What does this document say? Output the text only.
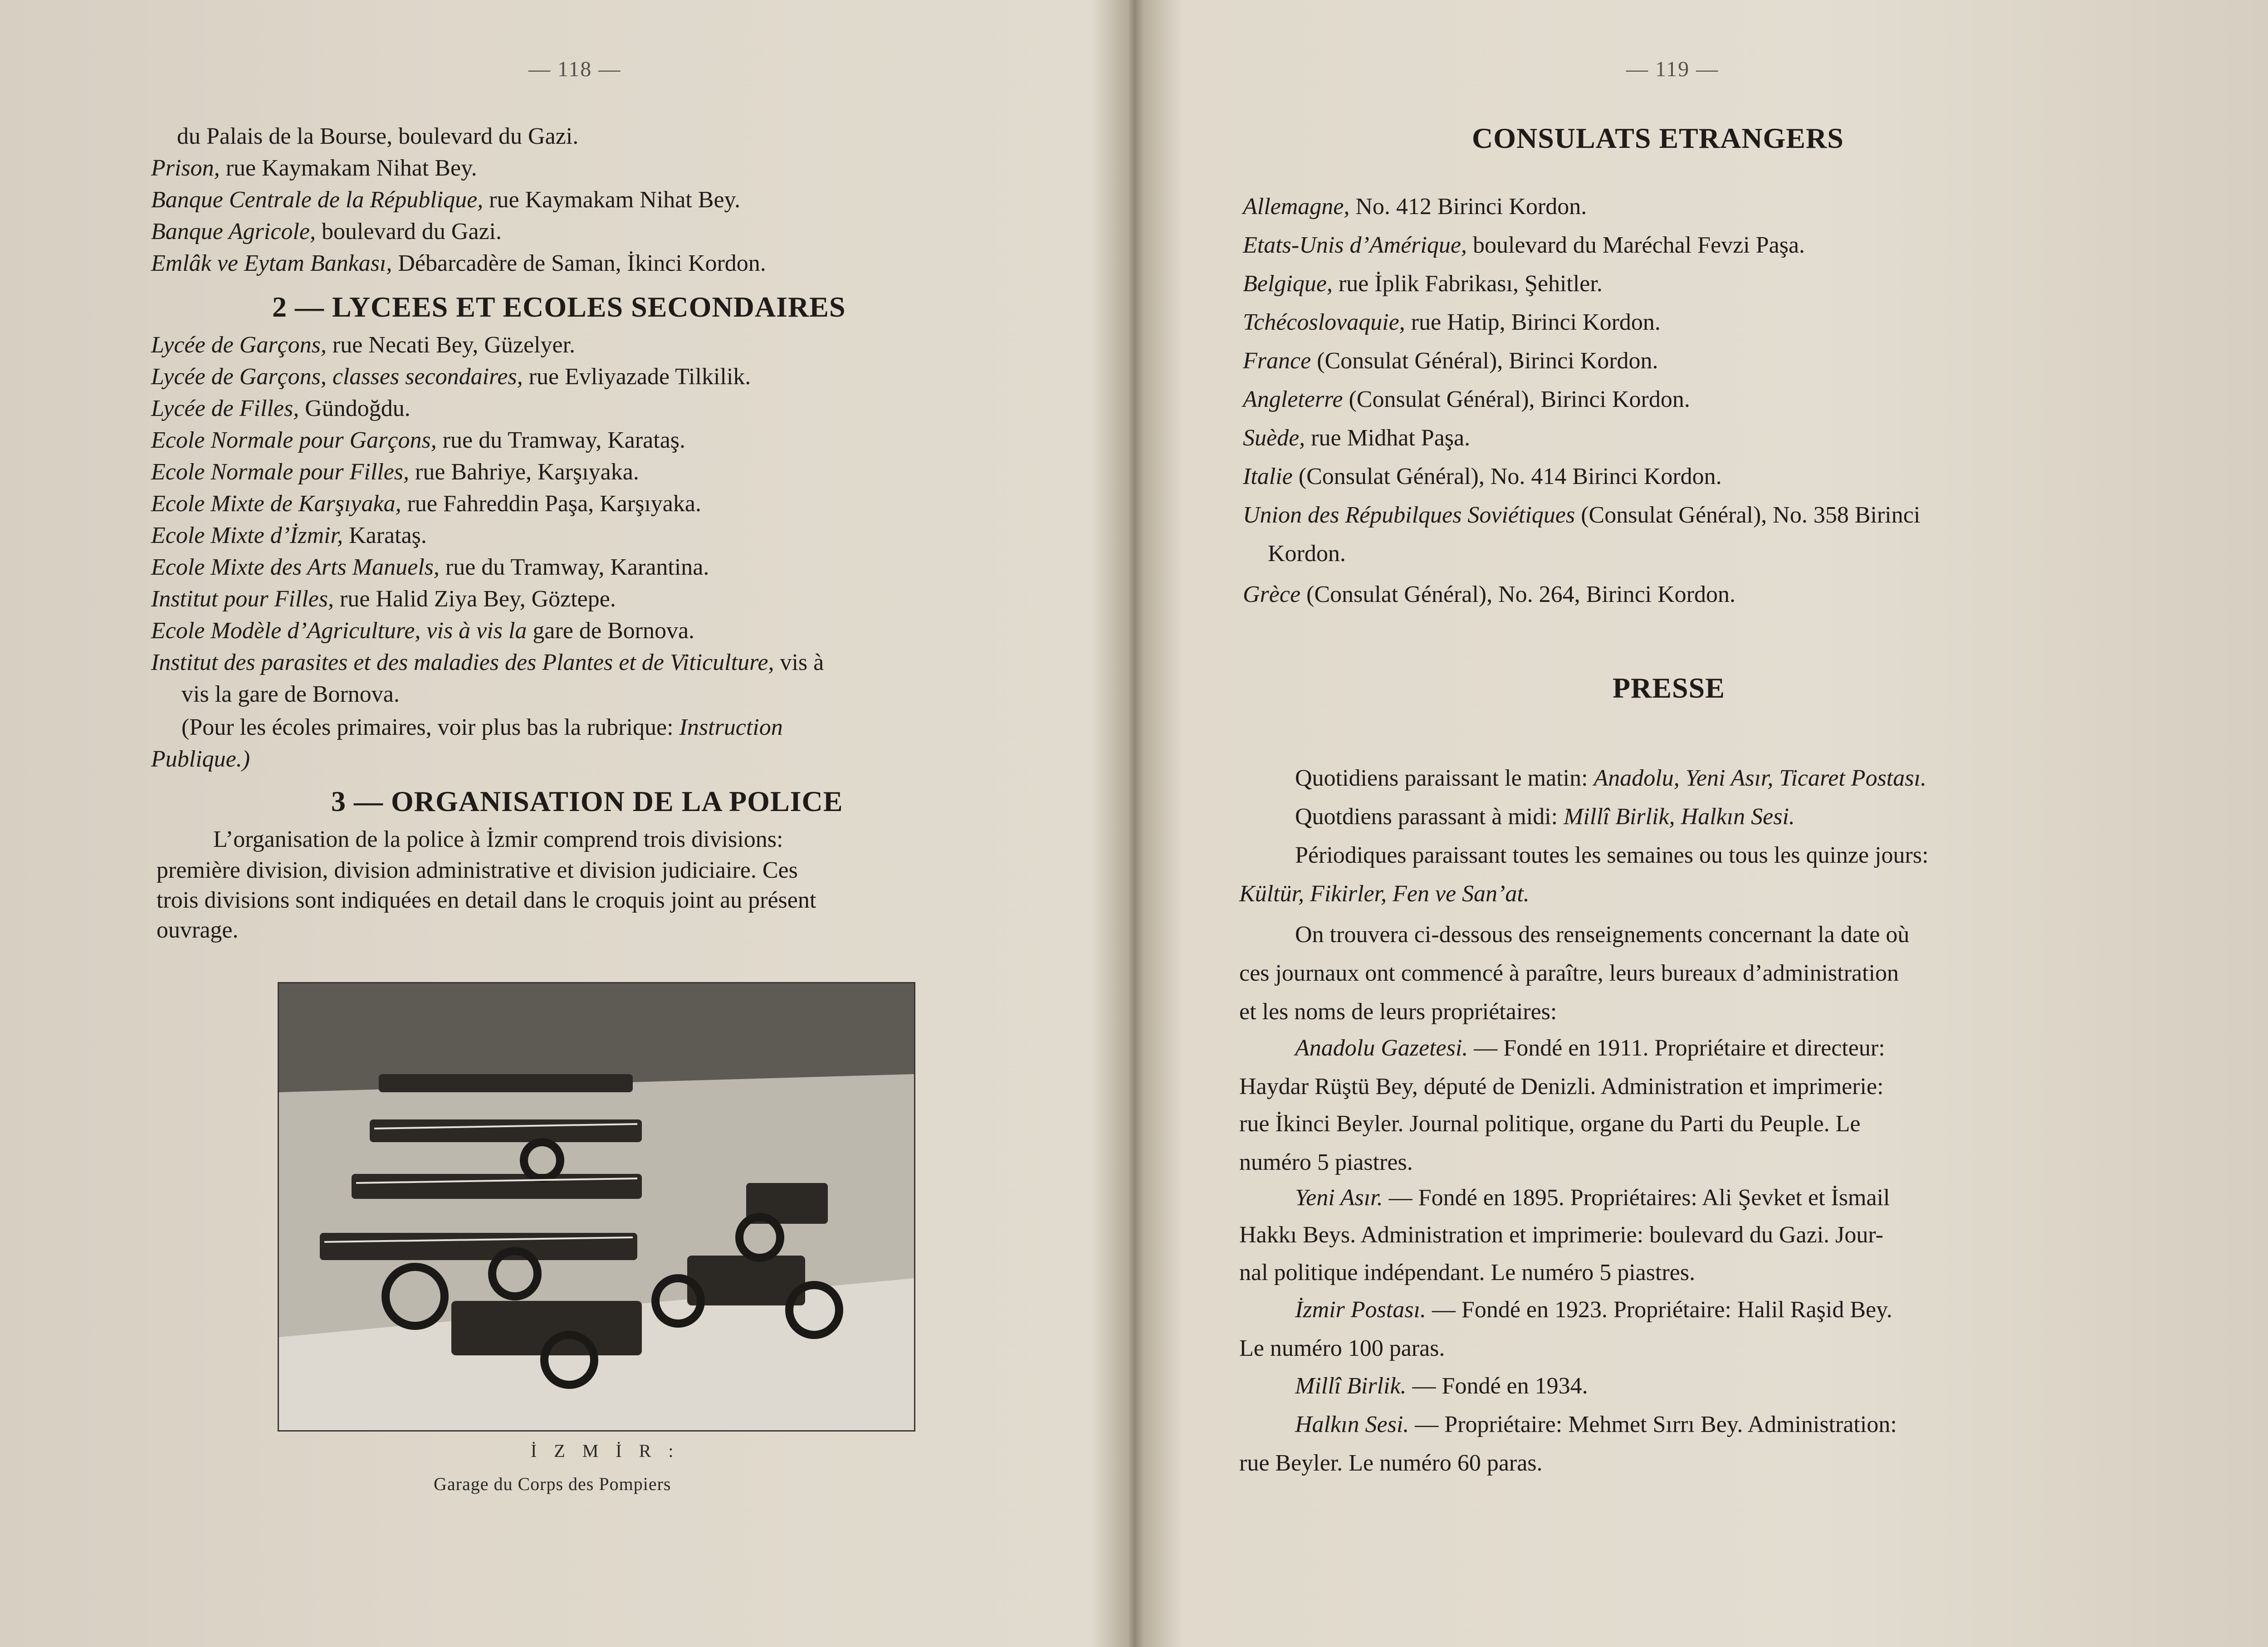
— 118 —
du Palais de la Bourse, boulevard du Gazi.
Prison, rue Kaymakam Nihat Bey.
Banque Centrale de la République, rue Kaymakam Nihat Bey.
Banque Agricole, boulevard du Gazi.
Emlâk ve Eytam Bankası, Débarcadère de Saman, İkinci Kordon.
2 — LYCEES ET ECOLES SECONDAIRES
Lycée de Garçons, rue Necati Bey, Güzelyer.
Lycée de Garçons, classes secondaires, rue Evliyazade Tilkilik.
Lycée de Filles, Gündoğdu.
Ecole Normale pour Garçons, rue du Tramway, Karataş.
Ecole Normale pour Filles, rue Bahriye, Karşıyaka.
Ecole Mixte de Karşıyaka, rue Fahreddin Paşa, Karşıyaka.
Ecole Mixte d’İzmir, Karataş.
Ecole Mixte des Arts Manuels, rue du Tramway, Karantina.
Institut pour Filles, rue Halid Ziya Bey, Göztepe.
Ecole Modèle d’Agriculture, vis à vis la gare de Bornova.
Institut des parasites et des maladies des Plantes et de Viticulture, vis à
vis la gare de Bornova.
(Pour les écoles primaires, voir plus bas la rubrique: Instruction
Publique.)
3 — ORGANISATION DE LA POLICE
L’organisation de la police à İzmir comprend trois divisions:
première division, division administrative et division judiciaire. Ces
trois divisions sont indiquées en detail dans le croquis joint au présent
ouvrage.
İ Z M İ R :
Garage du Corps des Pompiers
— 119 —
CONSULATS ETRANGERS
Allemagne, No. 412 Birinci Kordon.
Etats-Unis d’Amérique, boulevard du Maréchal Fevzi Paşa.
Belgique, rue İplik Fabrikası, Şehitler.
Tchécoslovaquie, rue Hatip, Birinci Kordon.
France (Consulat Général), Birinci Kordon.
Angleterre (Consulat Général), Birinci Kordon.
Suède, rue Midhat Paşa.
Italie (Consulat Général), No. 414 Birinci Kordon.
Union des Répubilques Soviétiques (Consulat Général), No. 358 Birinci
Kordon.
Grèce (Consulat Général), No. 264, Birinci Kordon.
PRESSE
Quotidiens paraissant le matin: Anadolu, Yeni Asır, Ticaret Postası.
Quotdiens parassant à midi: Millî Birlik, Halkın Sesi.
Périodiques paraissant toutes les semaines ou tous les quinze jours:
Kültür, Fikirler, Fen ve San’at.
On trouvera ci-dessous des renseignements concernant la date où
ces journaux ont commencé à paraître, leurs bureaux d’administration
et les noms de leurs propriétaires:
Anadolu Gazetesi. — Fondé en 1911. Propriétaire et directeur:
Haydar Rüştü Bey, député de Denizli. Administration et imprimerie:
rue İkinci Beyler. Journal politique, organe du Parti du Peuple. Le
numéro 5 piastres.
Yeni Asır. — Fondé en 1895. Propriétaires: Ali Şevket et İsmail
Hakkı Beys. Administration et imprimerie: boulevard du Gazi. Jour-
nal politique indépendant. Le numéro 5 piastres.
İzmir Postası. — Fondé en 1923. Propriétaire: Halil Raşid Bey.
Le numéro 100 paras.
Millî Birlik. — Fondé en 1934.
Halkın Sesi. — Propriétaire: Mehmet Sırrı Bey. Administration:
rue Beyler. Le numéro 60 paras.
